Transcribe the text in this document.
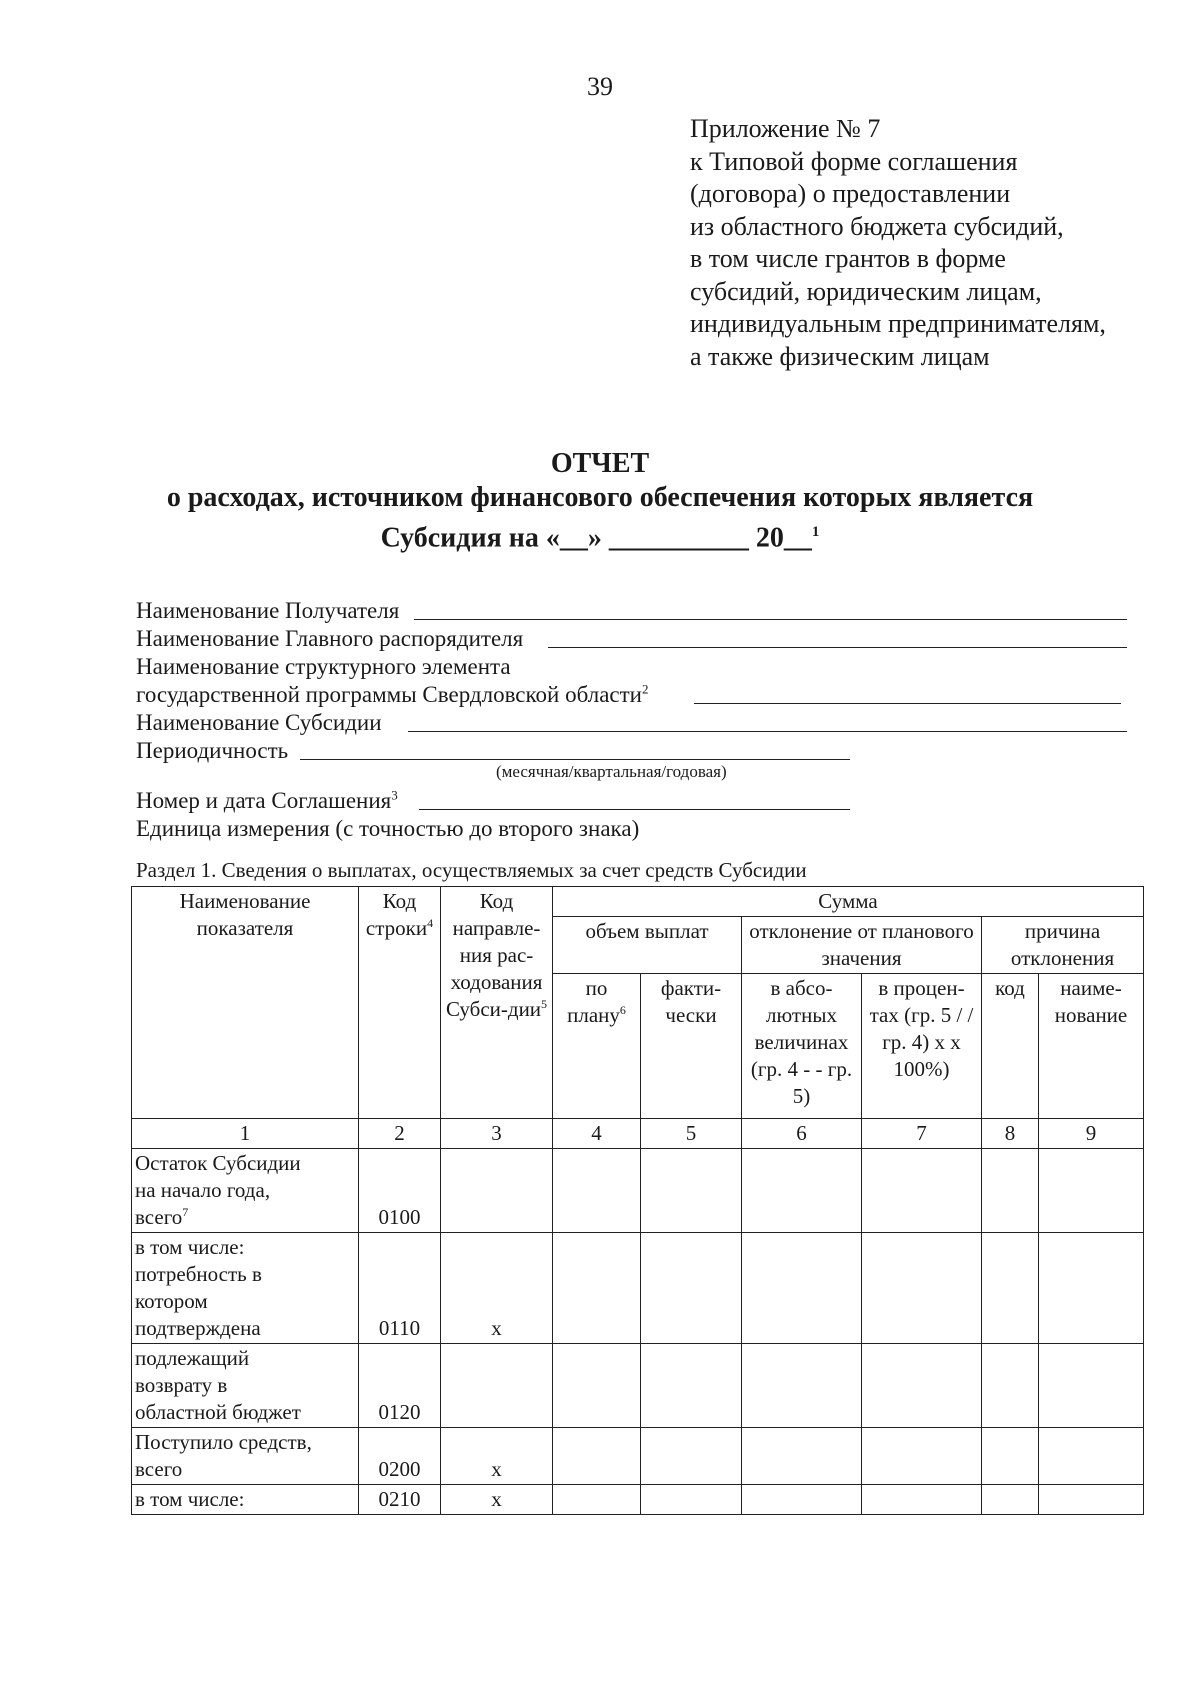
39
Приложение № 7
к Типовой форме соглашения
(договора) о предоставлении
из областного бюджета субсидий,
в том числе грантов в форме
субсидий, юридическим лицам,
индивидуальным предпринимателям,
а также физическим лицам
ОТЧЕТ
о расходах, источником финансового обеспечения которых является
Субсидия на «__» __________ 20__$^1$
Наименование Получателя
Наименование Главного распорядителя
Наименование структурного элемента
государственной программы Свердловской области$^2$
Наименование Субсидии
Периодичность
(месячная/квартальная/годовая)
Номер и дата Соглашения$^3$
Единица измерения (с точностью до второго знака)
Раздел 1. Сведения о выплатах, осуществляемых за счет средств Субсидии
Наименование показателя	Код строки$^4$	Код направле-ния рас-ходования Субси-дии$^5$	Сумма					
			объем выплат		отклонение от планового значения		причина отклонения	
			по плану$^6$	факти-чески	в абсо-лютных величинах (гр. 4 - - гр. 5)	в процен-тах (гр. 5 / / гр. 4) х х 100%)	код	наиме-нование
1	2	3	4	5	6	7	8	9
Остаток Субсидии
на начало года,
всего$^7$	0100							
в том числе:
потребность в
котором
подтверждена	0110	х						
подлежащий
возврату в
областной бюджет	0120							
Поступило средств,
всего	0200	х						
в том числе:	0210	х						
